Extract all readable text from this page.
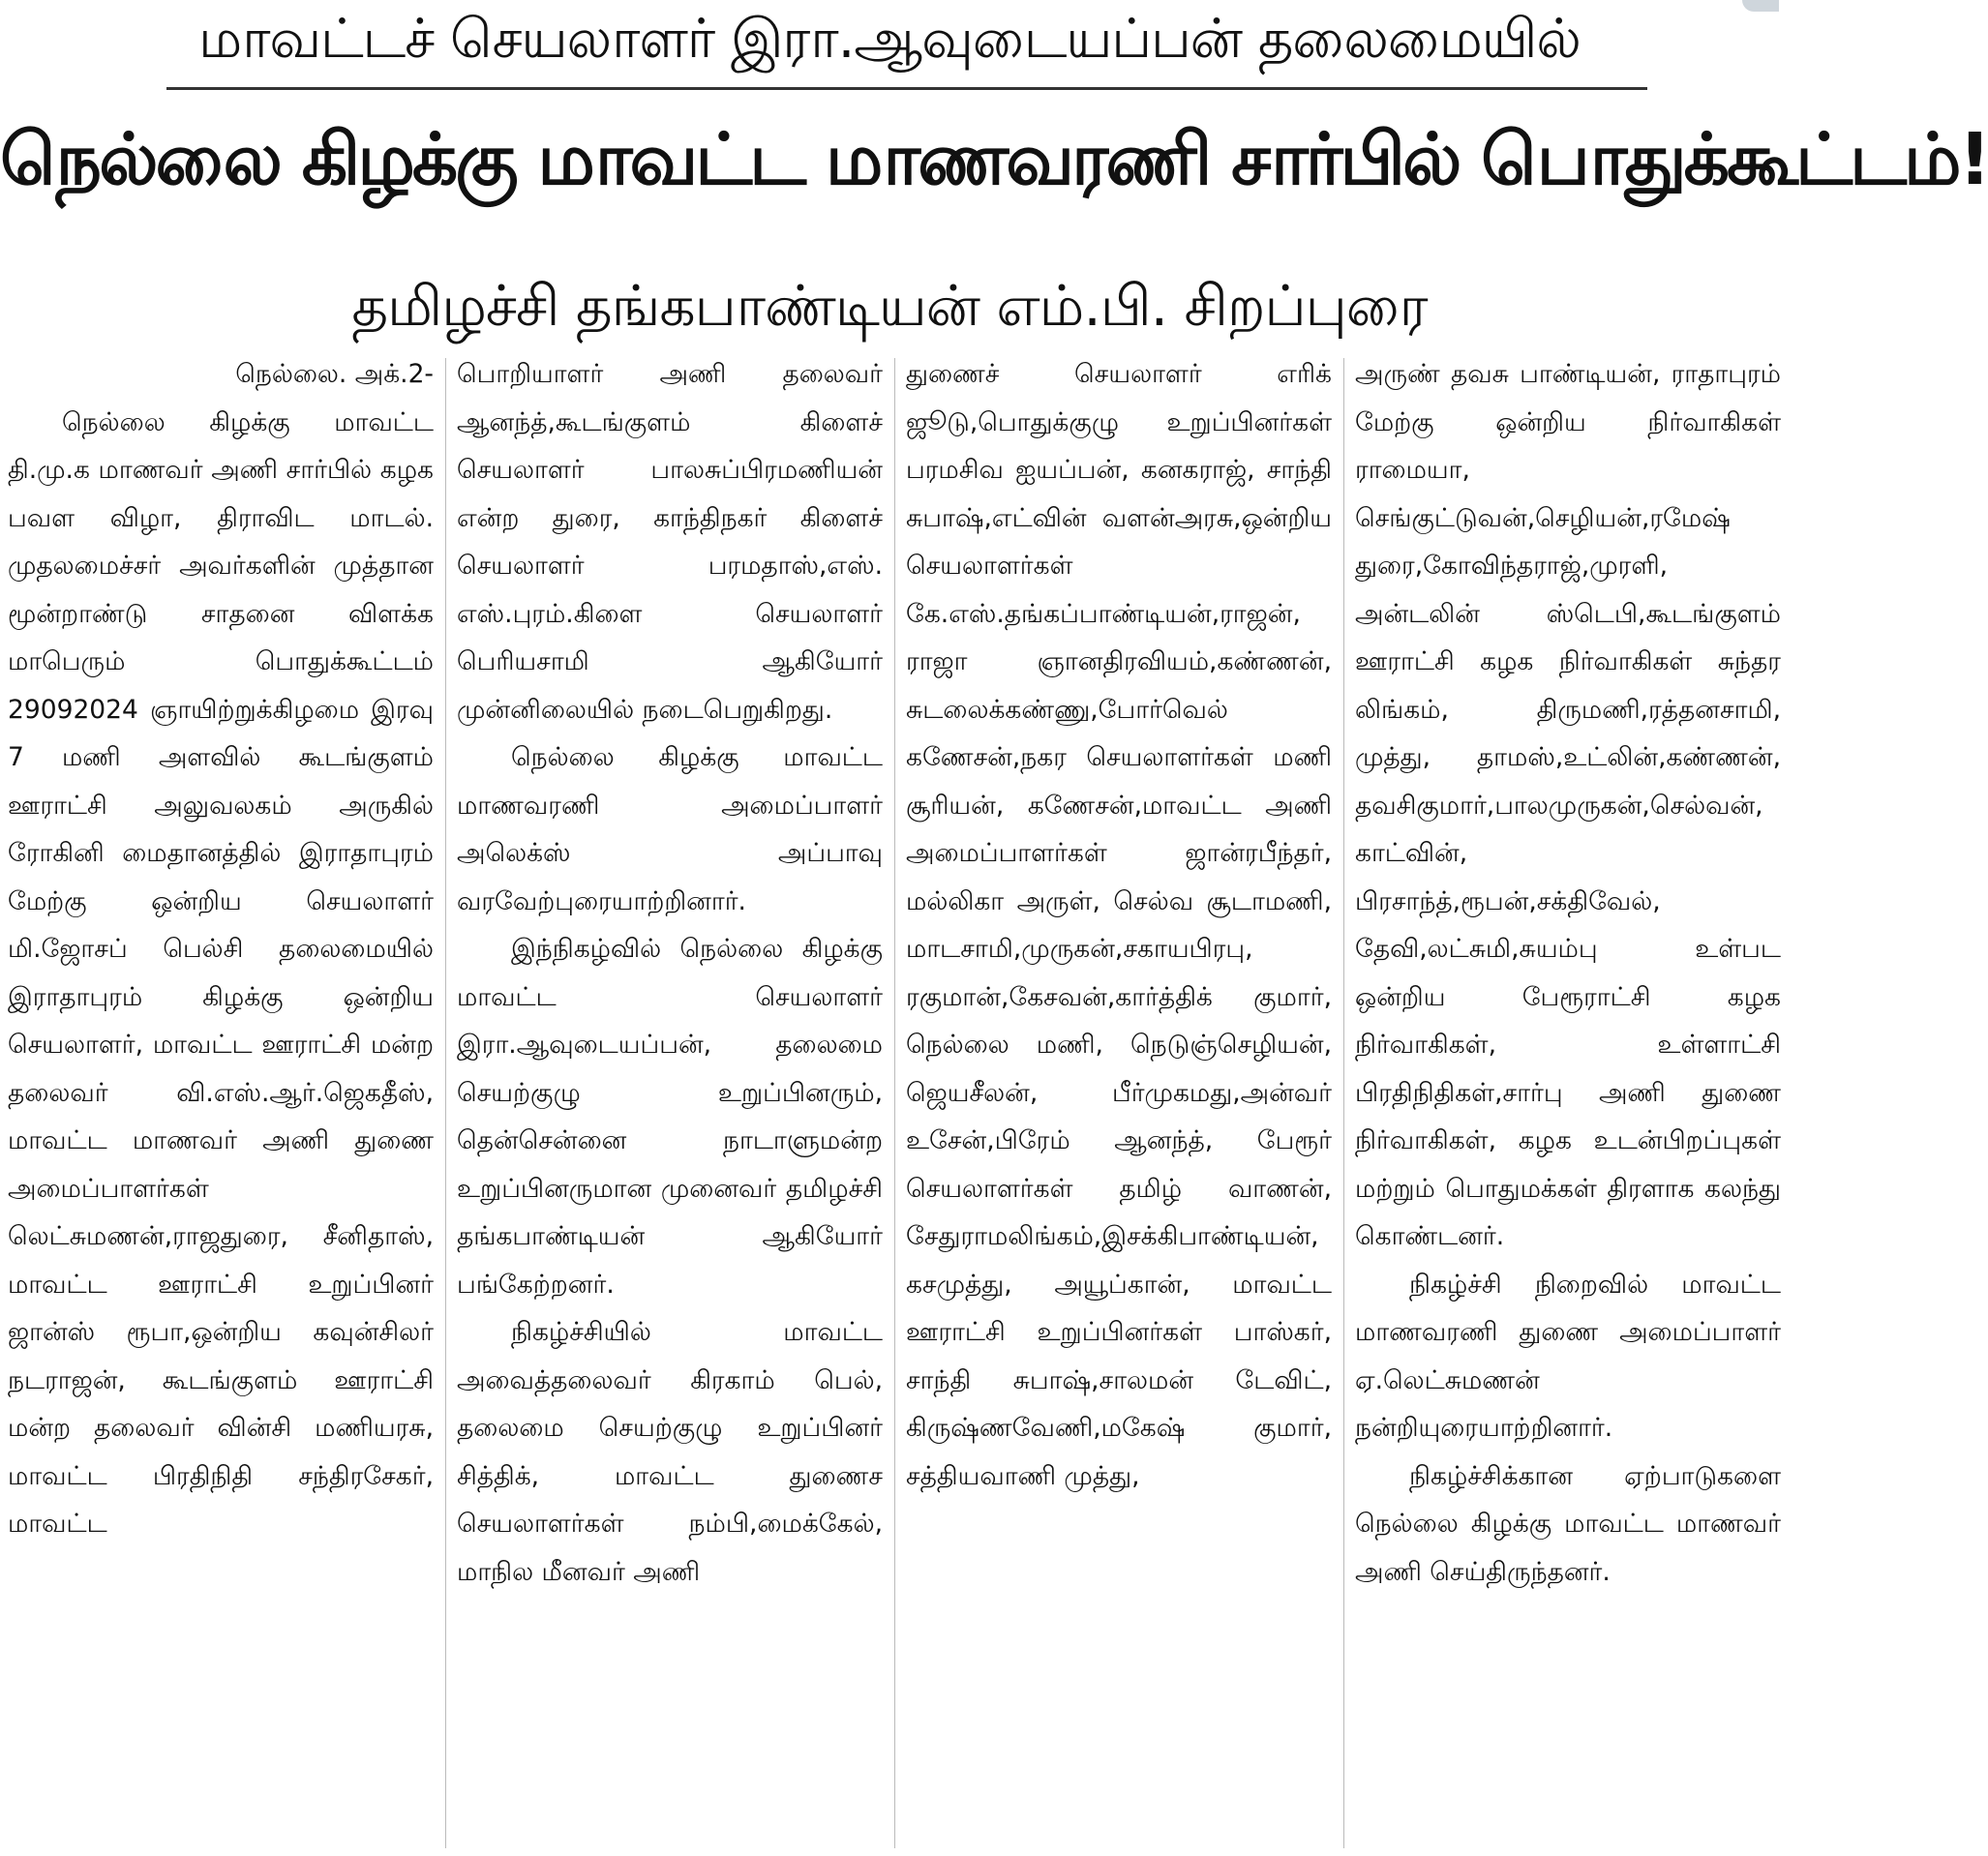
மாவட்டச் செயலாளர் இரா.ஆவுடையப்பன் தலைமையில்
நெல்லை கிழக்கு மாவட்ட மாணவரணி சார்பில் பொதுக்கூட்டம்!
தமிழச்சி தங்கபாண்டியன் எம்.பி. சிறப்புரை

நெல்லை. அக்.2-

நெல்லை கிழக்கு மாவட்ட தி.மு.க மாணவர் அணி சார்பில் கழக பவள விழா, திராவிட மாடல். முதலமைச்சர் அவர்களின் முத்தான மூன்றாண்டு சாதனை விளக்க மாபெரும் பொதுக்கூட்டம் 29092024 ஞாயிற்றுக்கிழமை இரவு 7 மணி அளவில் கூடங்குளம் ஊராட்சி அலுவலகம் அருகில் ரோகினி மைதானத்தில் இராதாபுரம் மேற்கு ஒன்றிய செயலாளர் மி.ஜோசப் பெல்சி தலைமையில் இராதாபுரம் கிழக்கு ஒன்றிய செயலாளர், மாவட்ட ஊராட்சி மன்ற தலைவர் வி.எஸ்.ஆர்.ஜெகதீஸ், மாவட்ட மாணவர் அணி துணை அமைப்பாளர்கள் லெட்சுமணன்,ராஜதுரை, சீனிதாஸ், மாவட்ட ஊராட்சி உறுப்பினர் ஜான்ஸ் ரூபா,ஒன்றிய கவுன்சிலர் நடராஜன், கூடங்குளம் ஊராட்சி மன்ற தலைவர் வின்சி மணியரசு, மாவட்ட பிரதிநிதி சந்திரசேகர், மாவட்ட

பொறியாளர் அணி தலைவர் ஆனந்த்,கூடங்குளம் கிளைச் செயலாளர் பாலசுப்பிரமணியன் என்ற துரை, காந்திநகர் கிளைச் செயலாளர் பரமதாஸ்,எஸ். எஸ்.புரம்.கிளை செயலாளர் பெரியசாமி ஆகியோர் முன்னிலையில் நடைபெறுகிறது.

நெல்லை கிழக்கு மாவட்ட மாணவரணி அமைப்பாளர் அலெக்ஸ் அப்பாவு வரவேற்புரையாற்றினார்.

இந்நிகழ்வில் நெல்லை கிழக்கு மாவட்ட செயலாளர் இரா.ஆவுடையப்பன், தலைமை செயற்குழு உறுப்பினரும், தென்சென்னை நாடாளுமன்ற உறுப்பினருமான முனைவர் தமிழச்சி தங்கபாண்டியன் ஆகியோர் பங்கேற்றனர்.

நிகழ்ச்சியில் மாவட்ட அவைத்தலைவர் கிரகாம் பெல், தலைமை செயற்குழு உறுப்பினர் சித்திக், மாவட்ட துணைச செயலாளர்கள் நம்பி,மைக்கேல், மாநில மீனவர் அணி

துணைச் செயலாளர் எரிக் ஜூடு,பொதுக்குழு உறுப்பினர்கள் பரமசிவ ஐயப்பன், கனகராஜ், சாந்தி சுபாஷ்,எட்வின் வளன்அரசு,ஒன்றிய செயலாளர்கள் கே.எஸ்.தங்கப்பாண்டியன்,ராஜன், ராஜா ஞானதிரவியம்,கண்ணன், சுடலைக்கண்ணு,போர்வெல் கணேசன்,நகர செயலாளர்கள் மணி சூரியன், கணேசன்,மாவட்ட அணி அமைப்பாளர்கள் ஜான்ரபீந்தர், மல்லிகா அருள், செல்வ சூடாமணி, மாடசாமி,முருகன்,சகாயபிரபு, ரகுமான்,கேசவன்,கார்த்திக் குமார், நெல்லை மணி, நெடுஞ்செழியன், ஜெயசீலன், பீர்முகமது,அன்வர் உசேன்,பிரேம் ஆனந்த், பேரூர் செயலாளர்கள் தமிழ் வாணன், சேதுராமலிங்கம்,இசக்கிபாண்டியன், கசமுத்து, அயூப்கான், மாவட்ட ஊராட்சி உறுப்பினர்கள் பாஸ்கர், சாந்தி சுபாஷ்,சாலமன் டேவிட், கிருஷ்ணவேணி,மகேஷ் குமார், சத்தியவாணி முத்து,

அருண் தவசு பாண்டியன், ராதாபுரம் மேற்கு ஒன்றிய நிர்வாகிகள் ராமையா, செங்குட்டுவன்,செழியன்,ரமேஷ் துரை,கோவிந்தராஜ்,முரளி, அன்டலின் ஸ்டெபி,கூடங்குளம் ஊராட்சி கழக நிர்வாகிகள் சுந்தர லிங்கம், திருமணி,ரத்தனசாமி, முத்து, தாமஸ்,உட்லின்,கண்ணன், தவசிகுமார்,பாலமுருகன்,செல்வன், காட்வின், பிரசாந்த்,ரூபன்,சக்திவேல், தேவி,லட்சுமி,சுயம்பு உள்பட ஒன்றிய பேரூராட்சி கழக நிர்வாகிகள், உள்ளாட்சி பிரதிநிதிகள்,சார்பு அணி துணை நிர்வாகிகள், கழக உடன்பிறப்புகள் மற்றும் பொதுமக்கள் திரளாக கலந்து கொண்டனர்.

நிகழ்ச்சி நிறைவில் மாவட்ட மாணவரணி துணை அமைப்பாளர் ஏ.லெட்சுமணன் நன்றியுரையாற்றினார்.

நிகழ்ச்சிக்கான ஏற்பாடுகளை நெல்லை கிழக்கு மாவட்ட மாணவர் அணி செய்திருந்தனர்.
